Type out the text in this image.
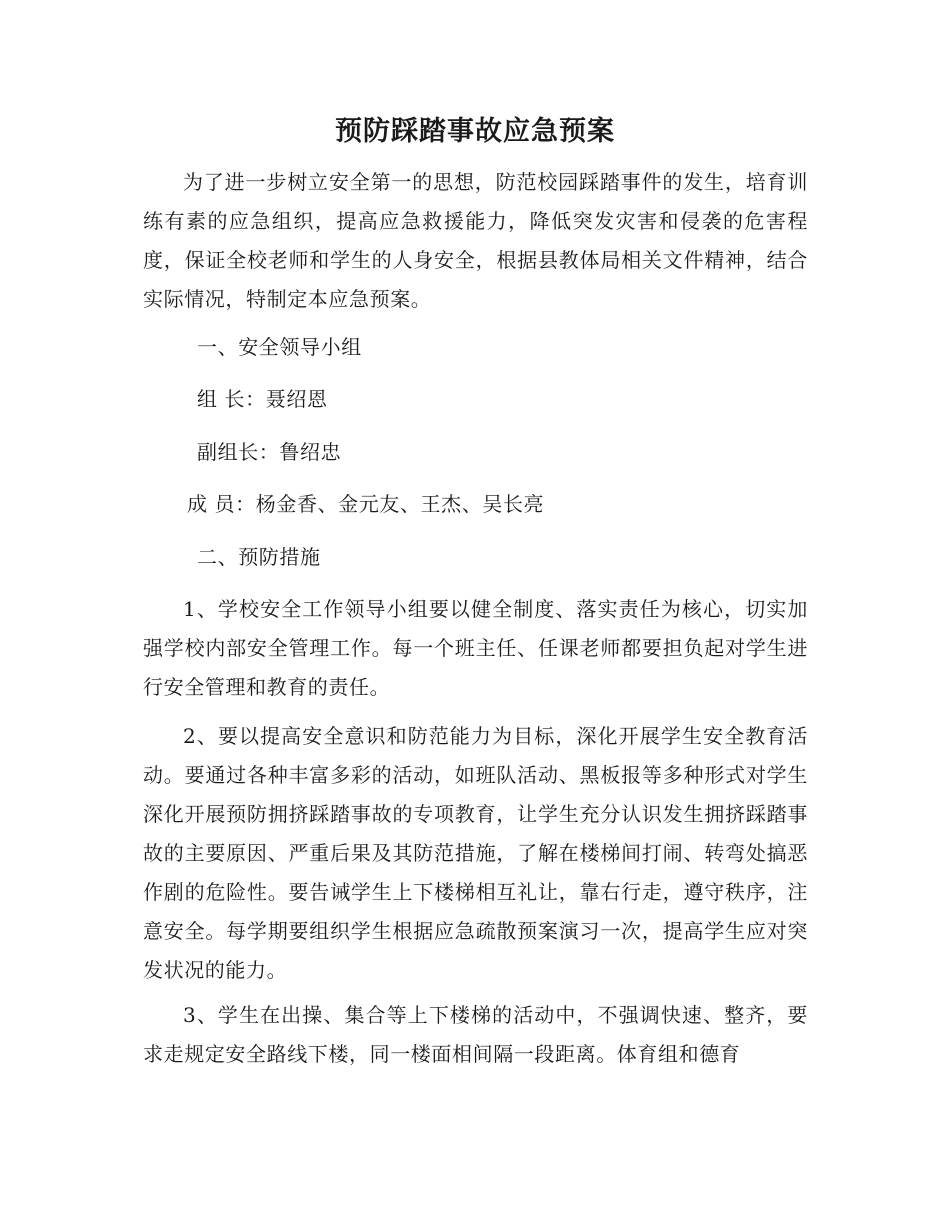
预防踩踏事故应急预案
为了进一步树立安全第一的思想，防范校园踩踏事件的发生，培育训练有素的应急组织，提高应急救援能力，降低突发灾害和侵袭的危害程度，保证全校老师和学生的人身安全，根据县教体局相关文件精神，结合实际情况，特制定本应急预案。
一、安全领导小组
组 长：聂绍恩
副组长：鲁绍忠
成 员：杨金香、金元友、王杰、吴长亮
二、预防措施
1、学校安全工作领导小组要以健全制度、落实责任为核心，切实加强学校内部安全管理工作。每一个班主任、任课老师都要担负起对学生进行安全管理和教育的责任。
2、要以提高安全意识和防范能力为目标，深化开展学生安全教育活动。要通过各种丰富多彩的活动，如班队活动、黑板报等多种形式对学生深化开展预防拥挤踩踏事故的专项教育，让学生充分认识发生拥挤踩踏事故的主要原因、严重后果及其防范措施，了解在楼梯间打闹、转弯处搞恶作剧的危险性。要告诫学生上下楼梯相互礼让，靠右行走，遵守秩序，注意安全。每学期要组织学生根据应急疏散预案演习一次，提高学生应对突发状况的能力。
3、学生在出操、集合等上下楼梯的活动中，不强调快速、整齐，要求走规定安全路线下楼，同一楼面相间隔一段距离。体育组和德育
